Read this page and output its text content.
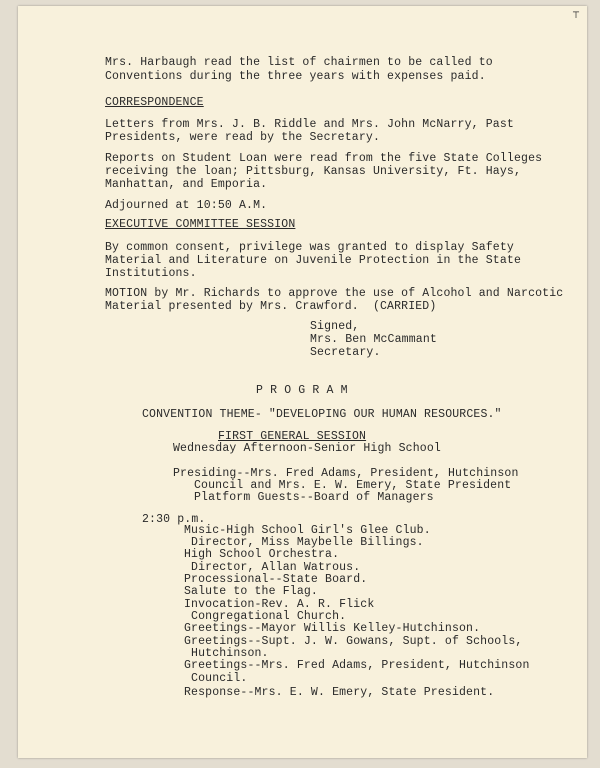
┬
Mrs. Harbaugh read the list of chairmen to be called to
Conventions during the three years with expenses paid.
CORRESPONDENCE
Letters from Mrs. J. B. Riddle and Mrs. John McNarry, Past
Presidents, were read by the Secretary.
Reports on Student Loan were read from the five State Colleges
receiving the loan; Pittsburg, Kansas University, Ft. Hays,
Manhattan, and Emporia.
Adjourned at 10:50 A.M.
EXECUTIVE COMMITTEE SESSION
By common consent, privilege was granted to display Safety
Material and Literature on Juvenile Protection in the State
Institutions.
MOTION by Mr. Richards to approve the use of Alcohol and Narcotic
Material presented by Mrs. Crawford.  (CARRIED)
Signed,
Mrs. Ben McCammant
Secretary.
P R O G R A M
CONVENTION THEME- "DEVELOPING OUR HUMAN RESOURCES."
FIRST GENERAL SESSION
Wednesday Afternoon-Senior High School
Presiding--Mrs. Fred Adams, President, Hutchinson
Council and Mrs. E. W. Emery, State President
Platform Guests--Board of Managers
2:30 p.m.
Music-High School Girl's Glee Club.
Director, Miss Maybelle Billings.
High School Orchestra.
Director, Allan Watrous.
Processional--State Board.
Salute to the Flag.
Invocation-Rev. A. R. Flick
Congregational Church.
Greetings--Mayor Willis Kelley-Hutchinson.
Greetings--Supt. J. W. Gowans, Supt. of Schools,
Hutchinson.
Greetings--Mrs. Fred Adams, President, Hutchinson
Council.
Response--Mrs. E. W. Emery, State President.
